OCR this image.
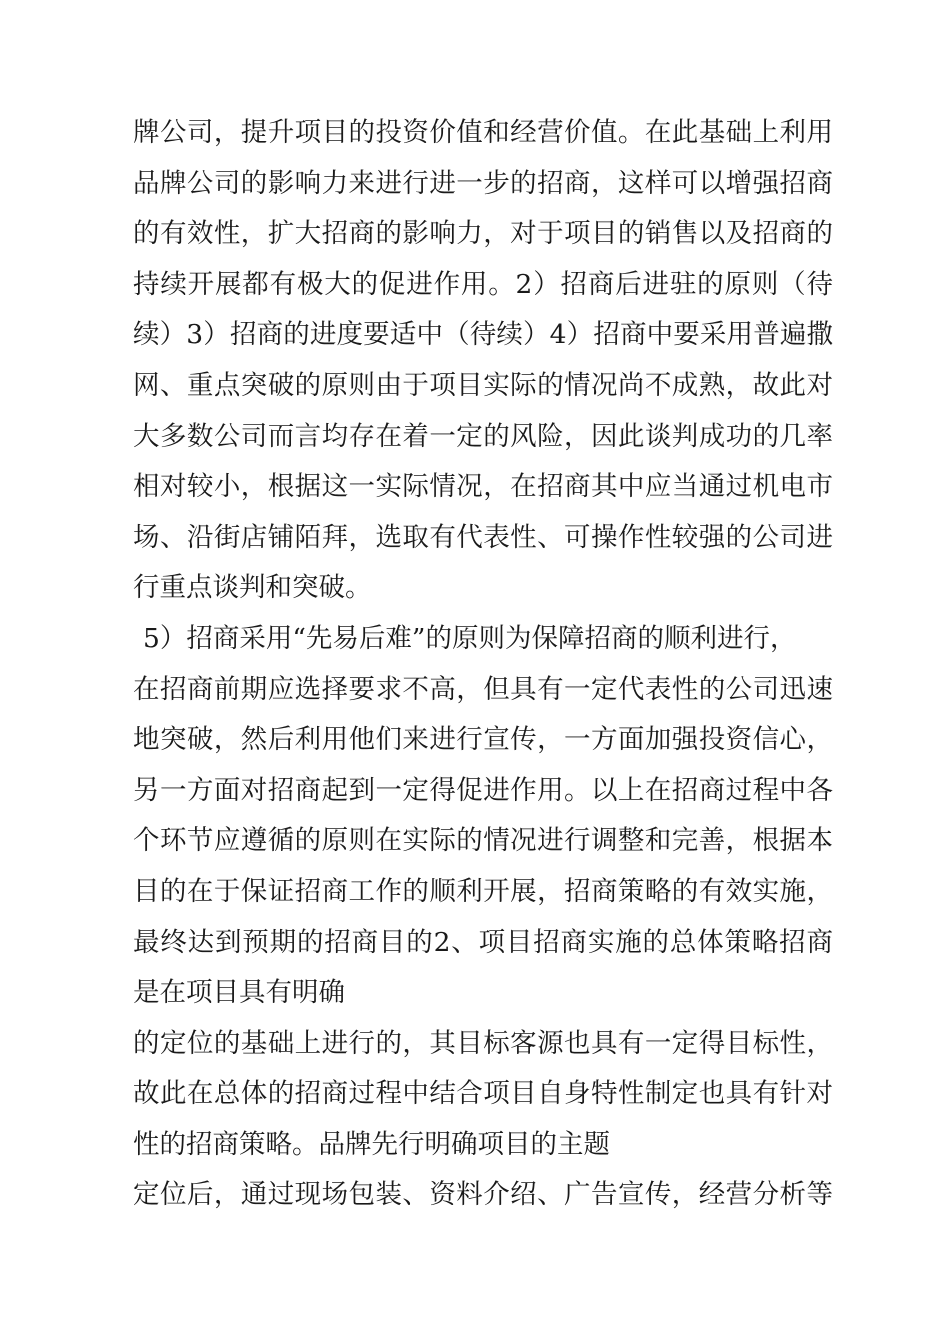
牌公司，提升项目的投资价值和经营价值。在此基础上利用
品牌公司的影响力来进行进一步的招商，这样可以增强招商
的有效性，扩大招商的影响力，对于项目的销售以及招商的
持续开展都有极大的促进作用。2）招商后进驻的原则（待
续）3）招商的进度要适中（待续）4）招商中要采用普遍撒
网、重点突破的原则由于项目实际的情况尚不成熟，故此对
大多数公司而言均存在着一定的风险，因此谈判成功的几率
相对较小，根据这一实际情况，在招商其中应当通过机电市
场、沿街店铺陌拜，选取有代表性、可操作性较强的公司进
行重点谈判和突破。
5）招商采用“先易后难”的原则为保障招商的顺利进行，
在招商前期应选择要求不高，但具有一定代表性的公司迅速
地突破，然后利用他们来进行宣传，一方面加强投资信心，
另一方面对招商起到一定得促进作用。以上在招商过程中各
个环节应遵循的原则在实际的情况进行调整和完善，根据本
目的在于保证招商工作的顺利开展，招商策略的有效实施，
最终达到预期的招商目的2、项目招商实施的总体策略招商
是在项目具有明确
的定位的基础上进行的，其目标客源也具有一定得目标性，
故此在总体的招商过程中结合项目自身特性制定也具有针对
性的招商策略。品牌先行明确项目的主题
定位后，通过现场包装、资料介绍、广告宣传，经营分析等
